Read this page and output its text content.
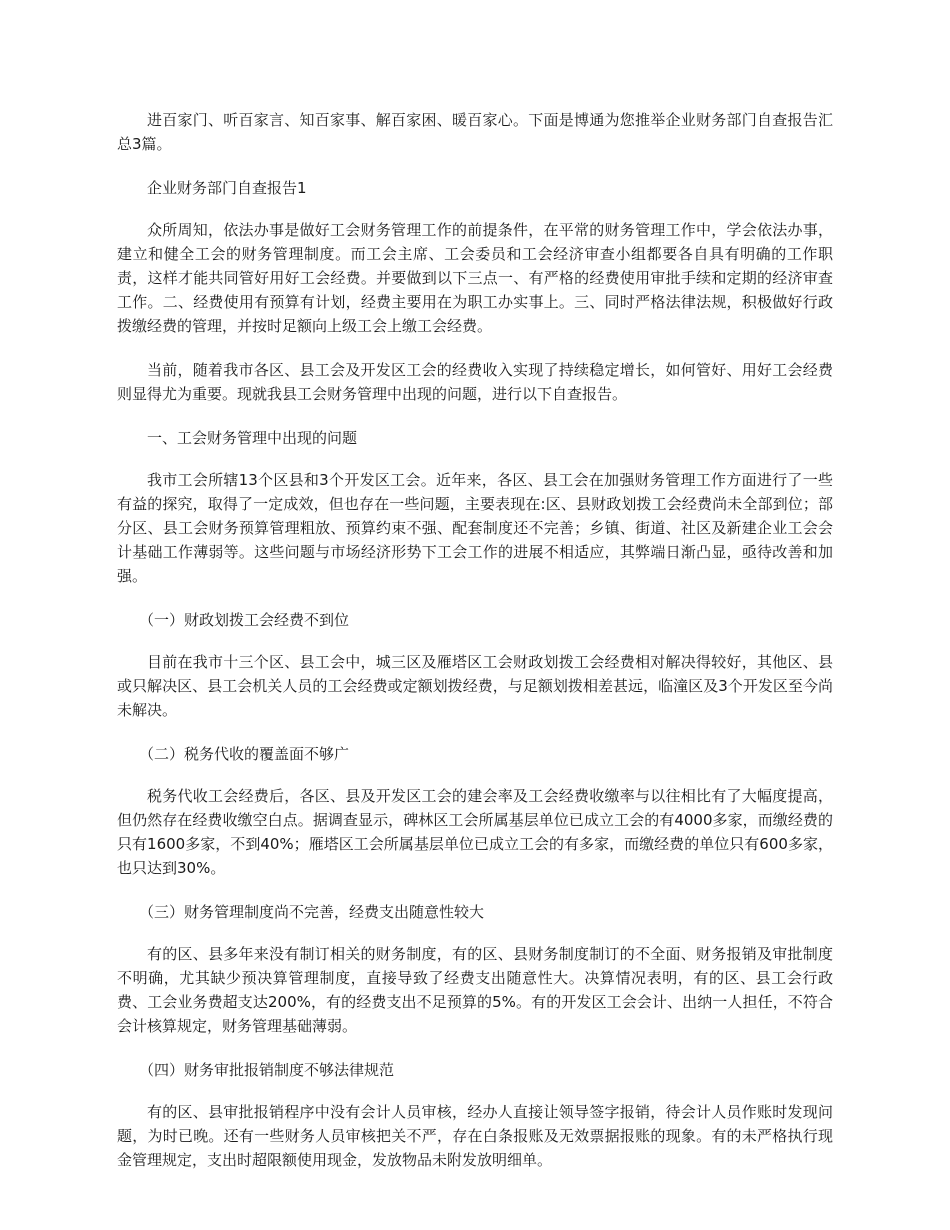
进百家门、听百家言、知百家事、解百家困、暖百家心。下面是博通为您推举企业财务部门自查报告汇总3篇。

企业财务部门自查报告1

众所周知，依法办事是做好工会财务管理工作的前提条件，在平常的财务管理工作中，学会依法办事，建立和健全工会的财务管理制度。而工会主席、工会委员和工会经济审查小组都要各自具有明确的工作职责，这样才能共同管好用好工会经费。并要做到以下三点一、有严格的经费使用审批手续和定期的经济审查工作。二、经费使用有预算有计划，经费主要用在为职工办实事上。三、同时严格法律法规，积极做好行政拨缴经费的管理，并按时足额向上级工会上缴工会经费。

当前，随着我市各区、县工会及开发区工会的经费收入实现了持续稳定增长，如何管好、用好工会经费则显得尤为重要。现就我县工会财务管理中出现的问题，进行以下自查报告。

一、工会财务管理中出现的问题

我市工会所辖13个区县和3个开发区工会。近年来，各区、县工会在加强财务管理工作方面进行了一些有益的探究，取得了一定成效，但也存在一些问题，主要表现在:区、县财政划拨工会经费尚未全部到位；部分区、县工会财务预算管理粗放、预算约束不强、配套制度还不完善；乡镇、街道、社区及新建企业工会会计基础工作薄弱等。这些问题与市场经济形势下工会工作的进展不相适应，其弊端日渐凸显，亟待改善和加强。

（一）财政划拨工会经费不到位

目前在我市十三个区、县工会中，城三区及雁塔区工会财政划拨工会经费相对解决得较好，其他区、县或只解决区、县工会机关人员的工会经费或定额划拨经费，与足额划拨相差甚远，临潼区及3个开发区至今尚未解决。

（二）税务代收的覆盖面不够广

税务代收工会经费后，各区、县及开发区工会的建会率及工会经费收缴率与以往相比有了大幅度提高，但仍然存在经费收缴空白点。据调查显示，碑林区工会所属基层单位已成立工会的有4000多家，而缴经费的只有1600多家，不到40%；雁塔区工会所属基层单位已成立工会的有多家，而缴经费的单位只有600多家，也只达到30%。

（三）财务管理制度尚不完善，经费支出随意性较大

有的区、县多年来没有制订相关的财务制度，有的区、县财务制度制订的不全面、财务报销及审批制度不明确，尤其缺少预决算管理制度，直接导致了经费支出随意性大。决算情况表明，有的区、县工会行政费、工会业务费超支达200%，有的经费支出不足预算的5%。有的开发区工会会计、出纳一人担任，不符合会计核算规定，财务管理基础薄弱。

（四）财务审批报销制度不够法律规范

有的区、县审批报销程序中没有会计人员审核，经办人直接让领导签字报销，待会计人员作账时发现问题，为时已晚。还有一些财务人员审核把关不严，存在白条报账及无效票据报账的现象。有的未严格执行现金管理规定，支出时超限额使用现金，发放物品未附发放明细单。
